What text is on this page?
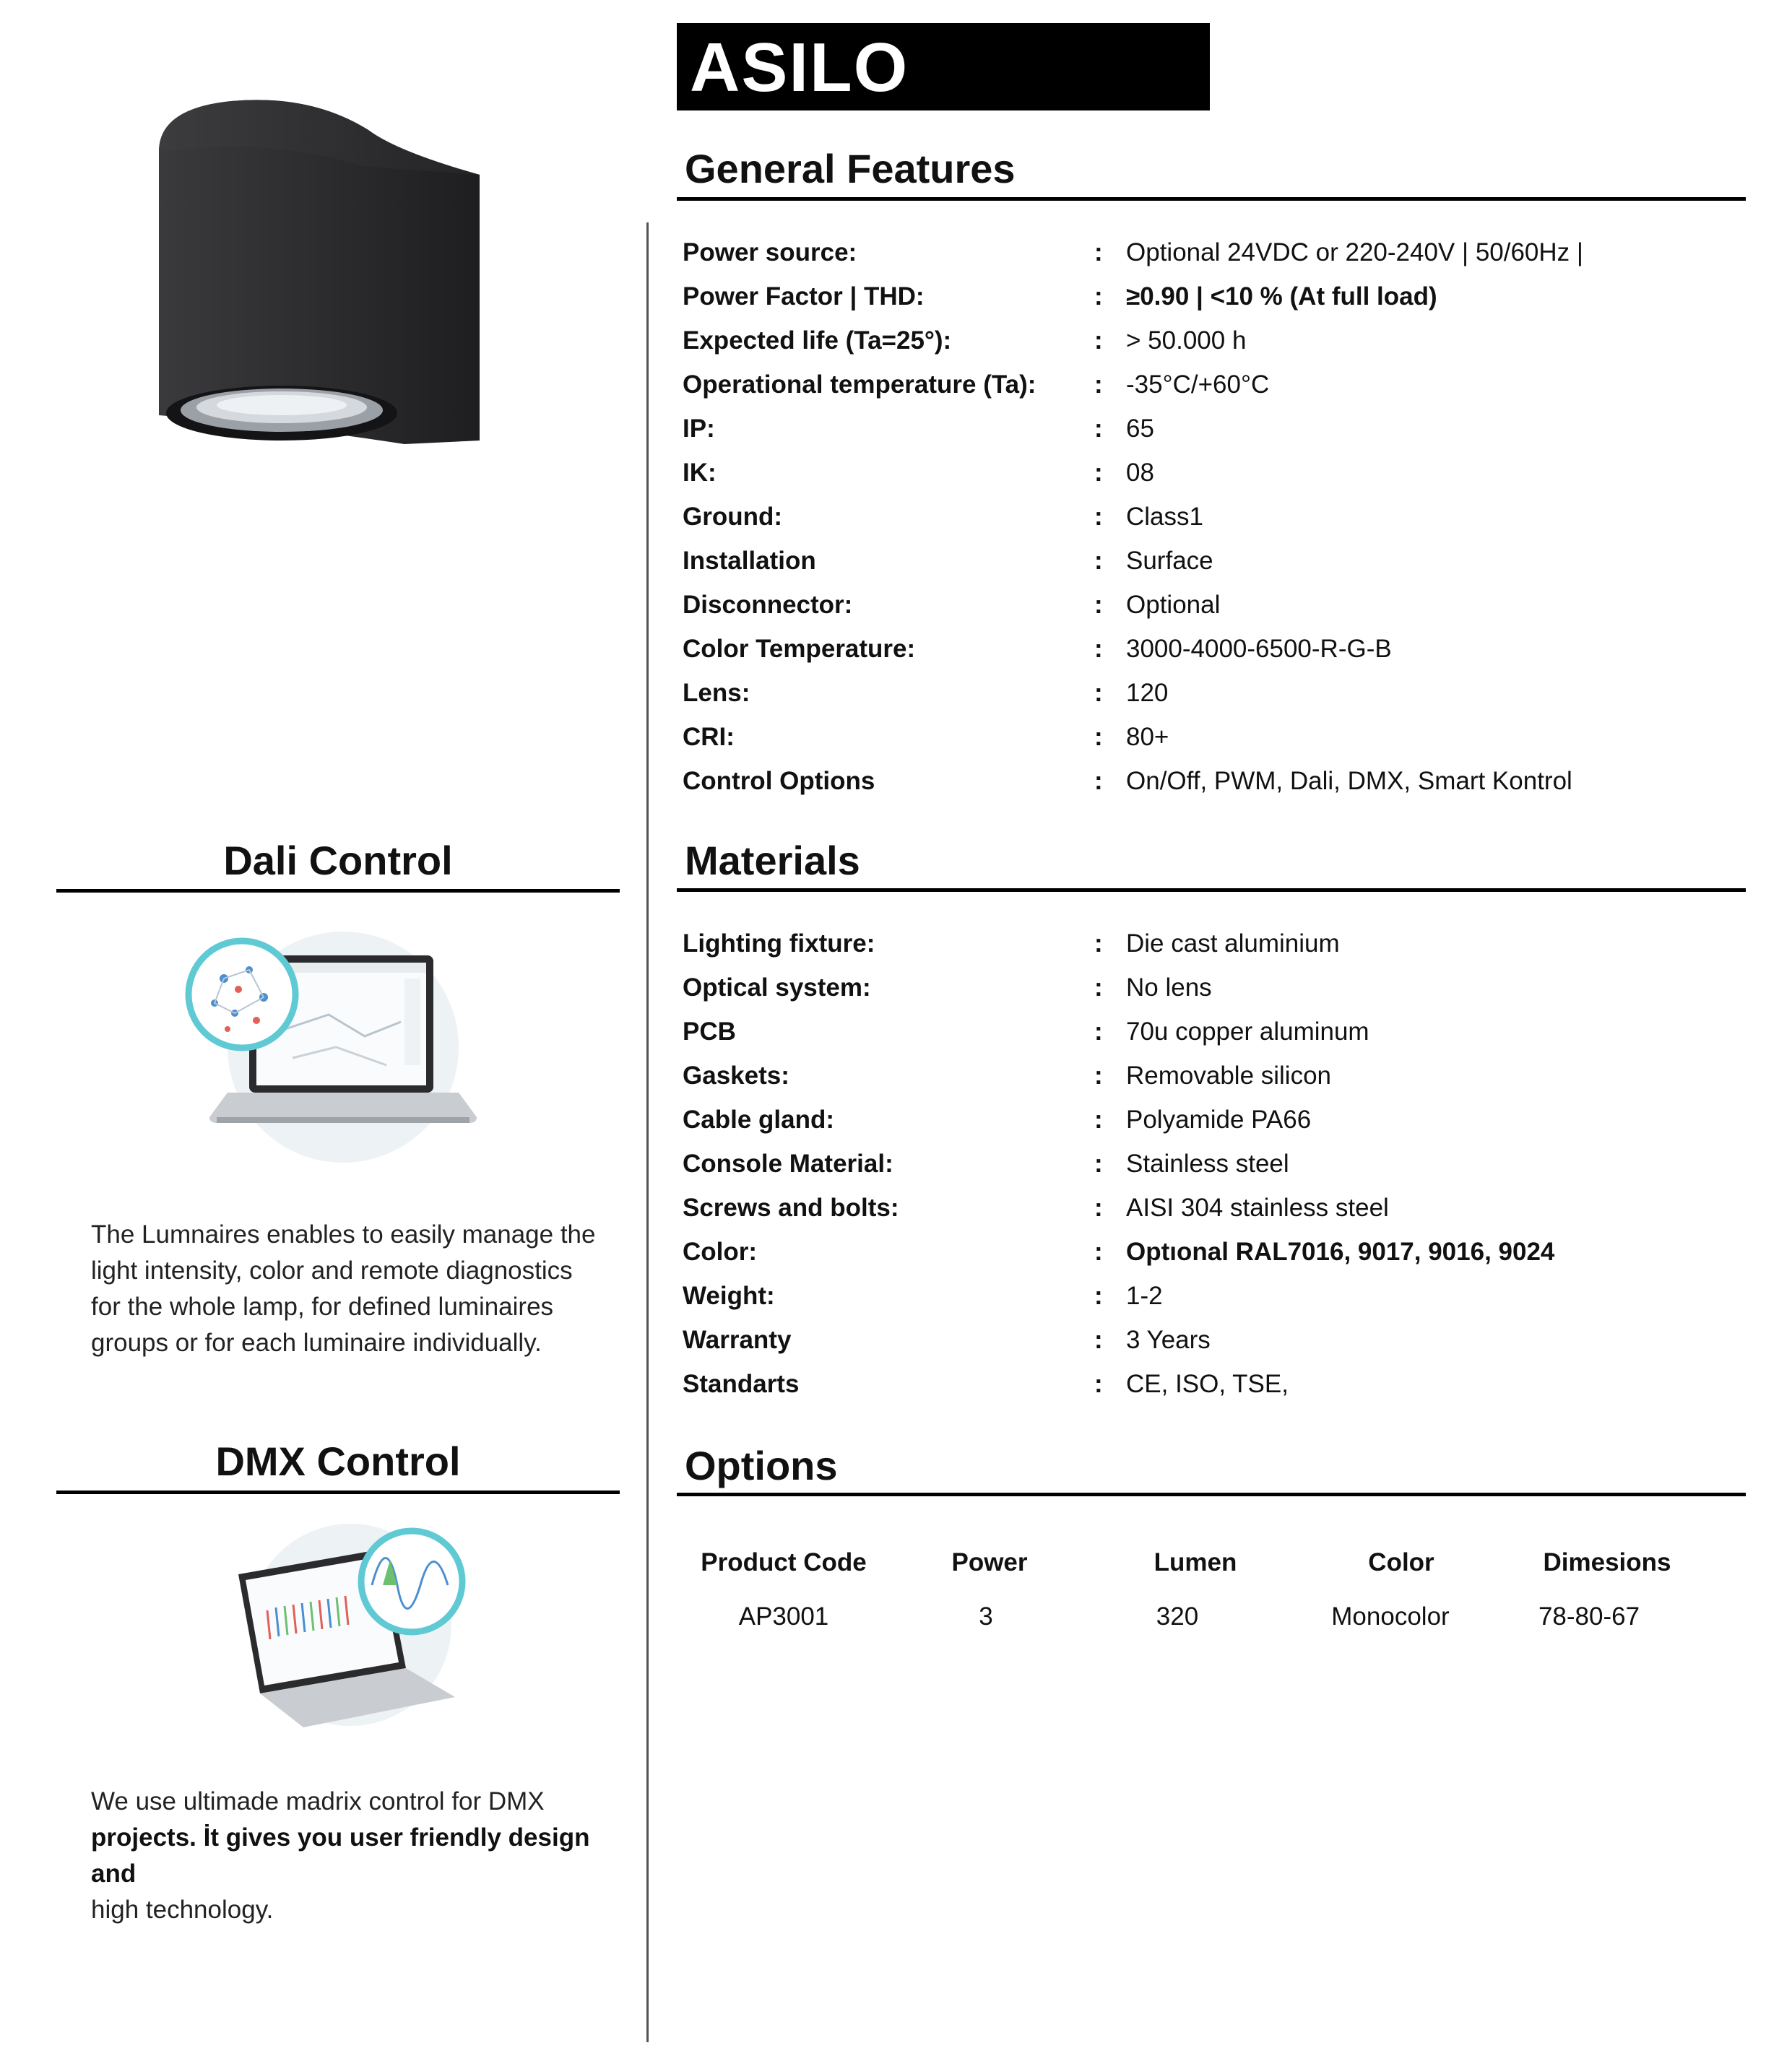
ASILO
General Features
Power source:	: Optional 24VDC or 220-240V | 50/60Hz |
Power Factor | THD:	: ≥0.90 | <10 % (At full load)
Expected life (Ta=25°):	: > 50.000 h
Operational temperature (Ta): : -35°C/+60°C
IP:	: 65
IK:	: 08
Ground:	: Class1
Installation	: Surface
Disconnector:	: Optional
Color Temperature:	: 3000-4000-6500-R-G-B
Lens:	: 120
CRI:	: 80+
Control Options	: On/Off, PWM, Dali, DMX, Smart Kontrol
Materials
Lighting fixture:	: Die cast aluminium
Optical system:	: No lens
PCB	: 70u copper aluminum
Gaskets:	: Removable silicon
Cable gland:	: Polyamide PA66
Console Material:	: Stainless steel
Screws and bolts:	: AISI 304 stainless steel
Color:	: Optıonal RAL7016, 9017, 9016, 9024
Weight:	: 1-2
Warranty	: 3 Years
Standarts	: CE, ISO, TSE,
Options
Product Code	Power	Lumen	Color	Dimesions
AP3001	3	320	Monocolor	78-80-67
Dali Control
The Lumnaires enables to easily manage the
light intensity, color and remote diagnostics
for the whole lamp, for defined luminaires
groups or for each luminaire individually.
DMX Control
We use ultimade madrix control for DMX
projects. İt gives you user friendly design and
high technology.
